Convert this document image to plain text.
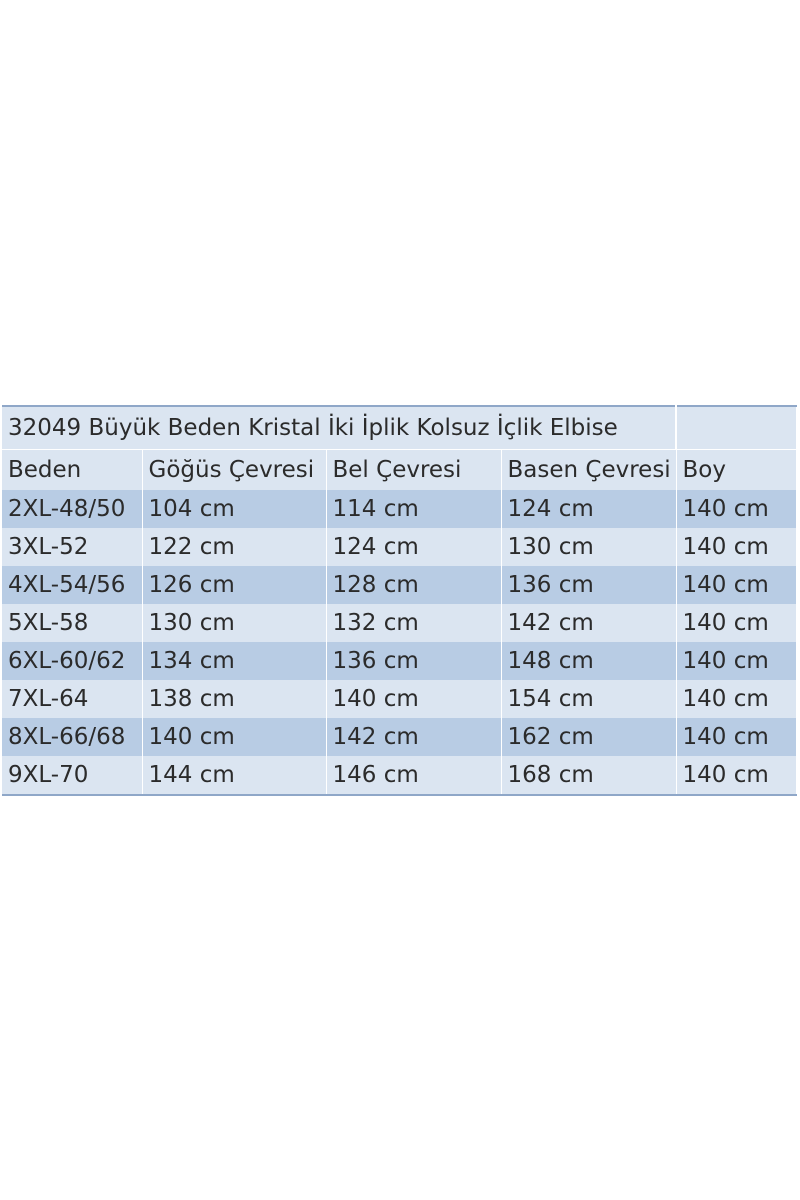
32049 Büyük Beden Kristal İki İplik Kolsuz İçlik Elbise				
Beden	Göğüs Çevresi	Bel Çevresi	Basen Çevresi	Boy
2XL-48/50	104 cm	114 cm	124 cm	140 cm
3XL-52	122 cm	124 cm	130 cm	140 cm
4XL-54/56	126 cm	128 cm	136 cm	140 cm
5XL-58	130 cm	132 cm	142 cm	140 cm
6XL-60/62	134 cm	136 cm	148 cm	140 cm
7XL-64	138 cm	140 cm	154 cm	140 cm
8XL-66/68	140 cm	142 cm	162 cm	140 cm
9XL-70	144 cm	146 cm	168 cm	140 cm
